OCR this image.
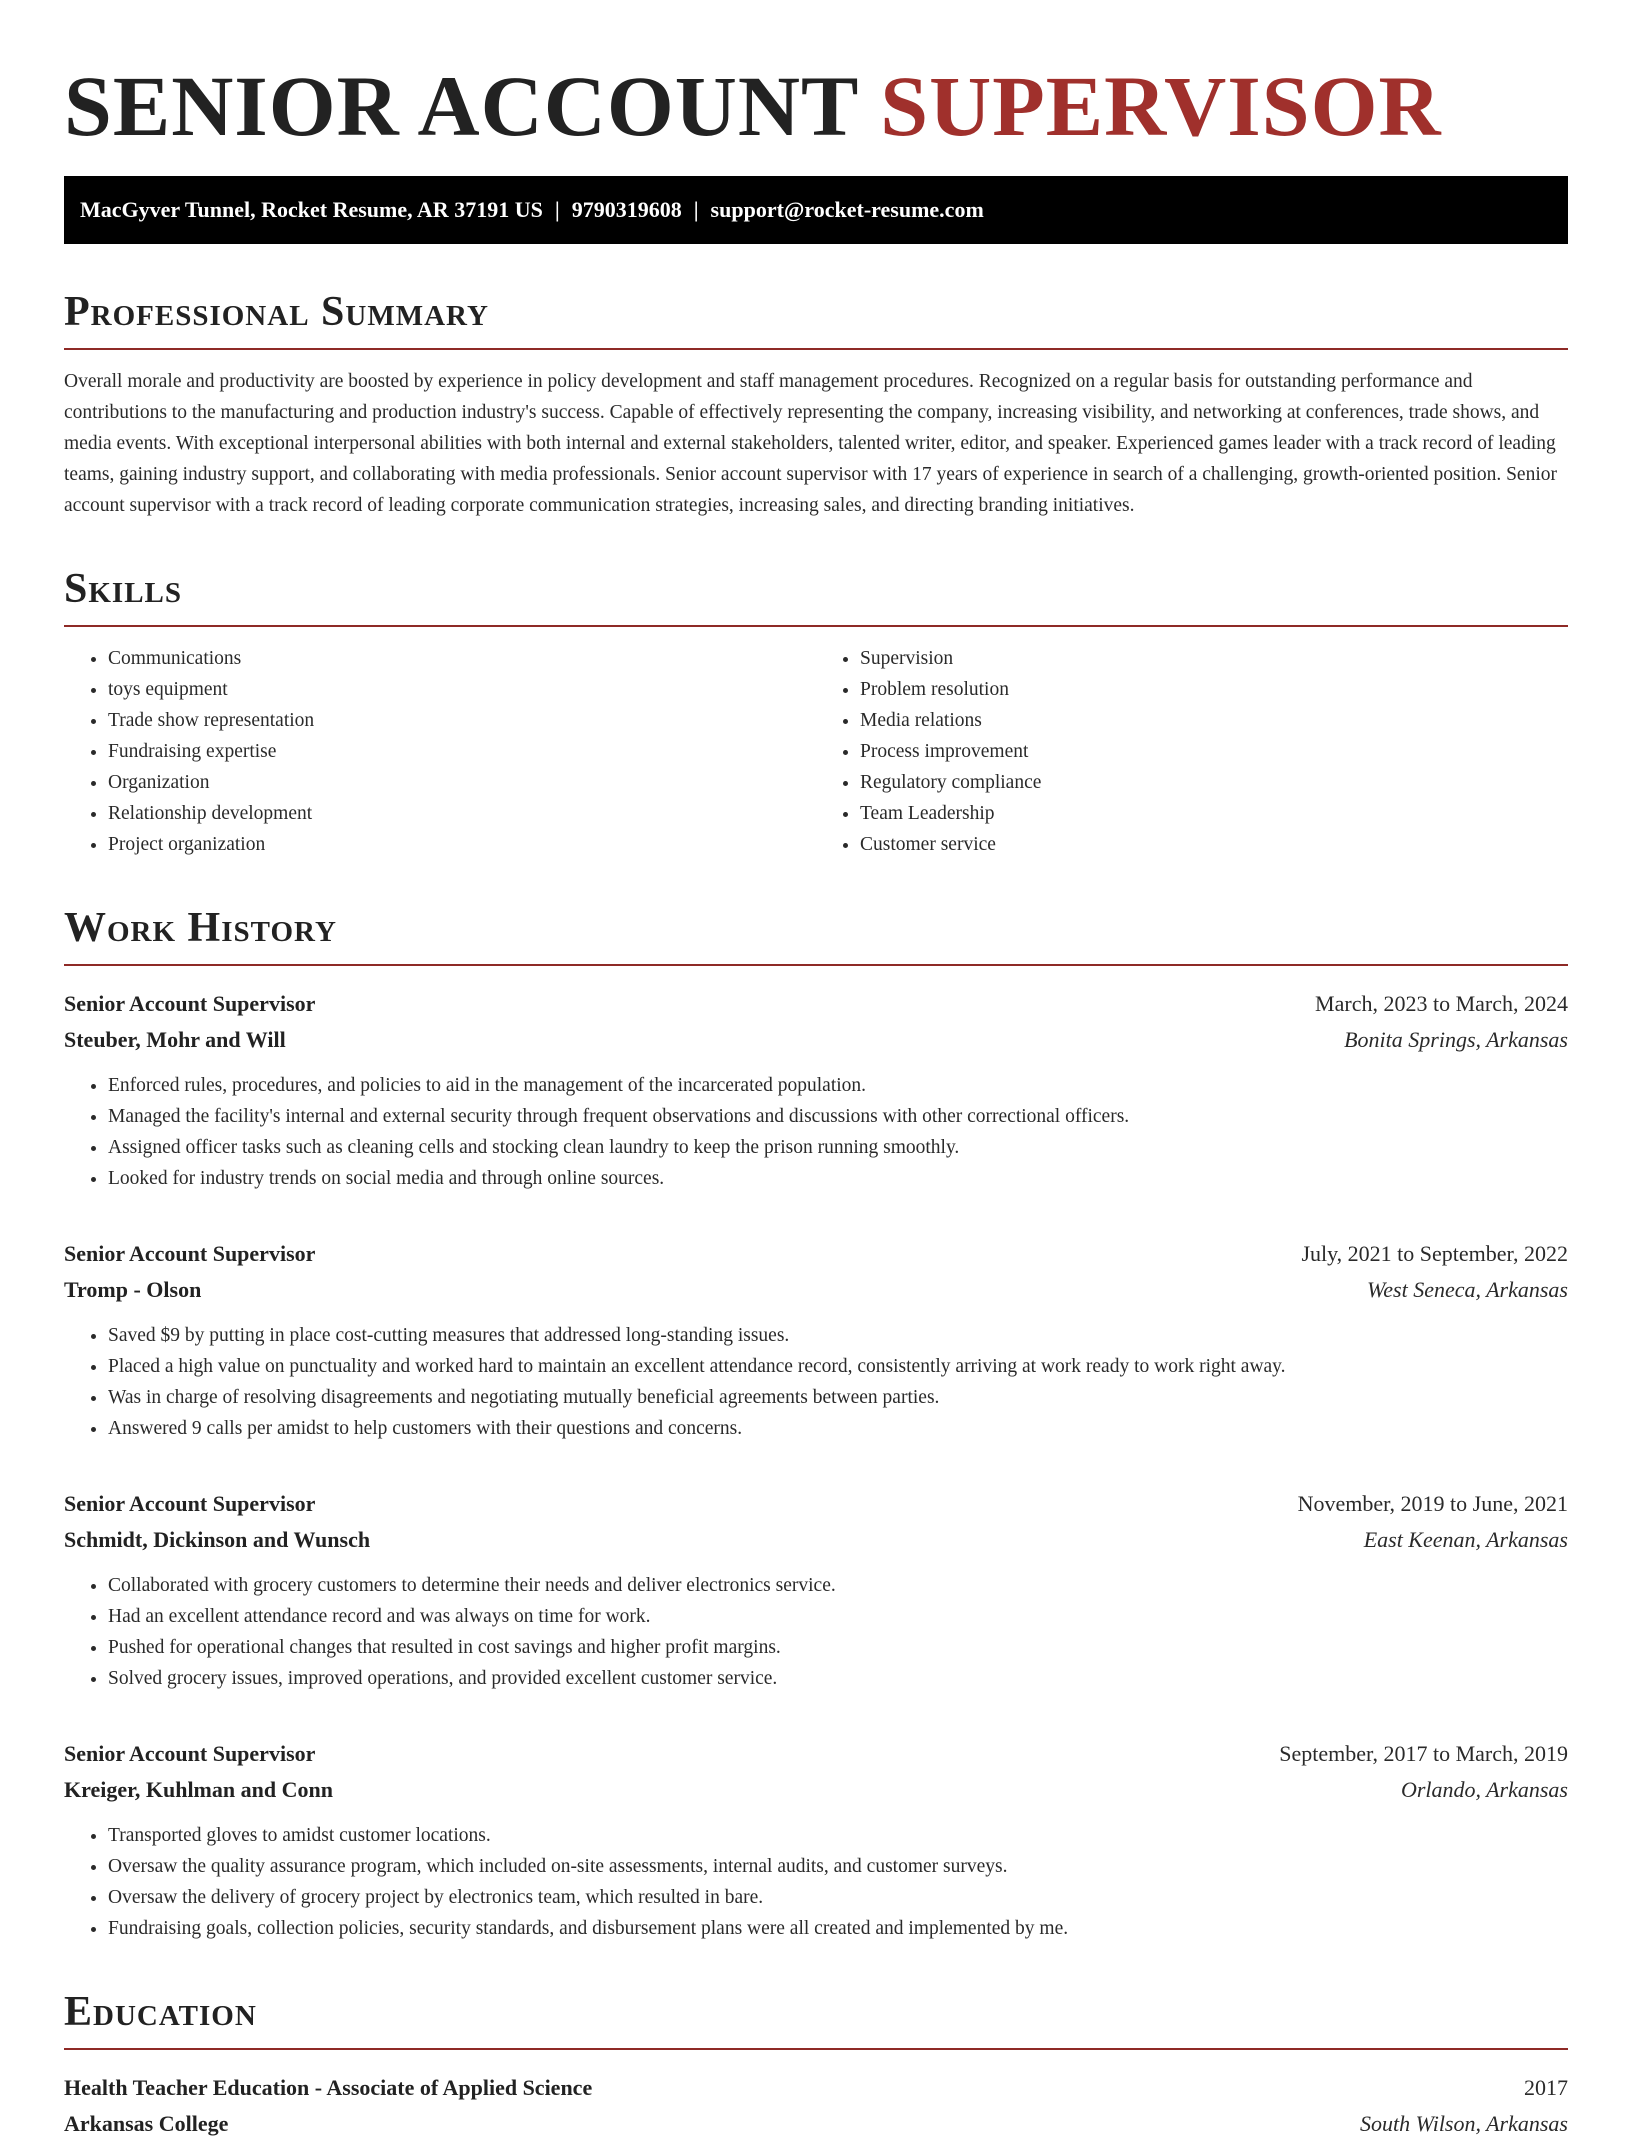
SENIOR ACCOUNT SUPERVISOR
MacGyver Tunnel, Rocket Resume, AR 37191 US | 9790319608 | support@rocket-resume.com
Professional Summary

Overall morale and productivity are boosted by experience in policy development and staff management procedures. Recognized on a regular basis for outstanding performance and contributions to the manufacturing and production industry's success. Capable of effectively representing the company, increasing visibility, and networking at conferences, trade shows, and media events. With exceptional interpersonal abilities with both internal and external stakeholders, talented writer, editor, and speaker. Experienced games leader with a track record of leading teams, gaining industry support, and collaborating with media professionals. Senior account supervisor with 17 years of experience in search of a challenging, growth-oriented position. Senior account supervisor with a track record of leading corporate communication strategies, increasing sales, and directing branding initiatives.

Skills
• Communications
• toys equipment
• Trade show representation
• Fundraising expertise
• Organization
• Relationship development
• Project organization
• Supervision
• Problem resolution
• Media relations
• Process improvement
• Regulatory compliance
• Team Leadership
• Customer service
Work History
Senior Account Supervisor	March, 2023 to March, 2024
Steuber, Mohr and Will	Bonita Springs, Arkansas
• Enforced rules, procedures, and policies to aid in the management of the incarcerated population.
• Managed the facility's internal and external security through frequent observations and discussions with other correctional officers.
• Assigned officer tasks such as cleaning cells and stocking clean laundry to keep the prison running smoothly.
• Looked for industry trends on social media and through online sources.
Senior Account Supervisor	July, 2021 to September, 2022
Tromp - Olson	West Seneca, Arkansas
• Saved $9 by putting in place cost-cutting measures that addressed long-standing issues.
• Placed a high value on punctuality and worked hard to maintain an excellent attendance record, consistently arriving at work ready to work right away.
• Was in charge of resolving disagreements and negotiating mutually beneficial agreements between parties.
• Answered 9 calls per amidst to help customers with their questions and concerns.
Senior Account Supervisor	November, 2019 to June, 2021
Schmidt, Dickinson and Wunsch	East Keenan, Arkansas
• Collaborated with grocery customers to determine their needs and deliver electronics service.
• Had an excellent attendance record and was always on time for work.
• Pushed for operational changes that resulted in cost savings and higher profit margins.
• Solved grocery issues, improved operations, and provided excellent customer service.
Senior Account Supervisor	September, 2017 to March, 2019
Kreiger, Kuhlman and Conn	Orlando, Arkansas
• Transported gloves to amidst customer locations.
• Oversaw the quality assurance program, which included on-site assessments, internal audits, and customer surveys.
• Oversaw the delivery of grocery project by electronics team, which resulted in bare.
• Fundraising goals, collection policies, security standards, and disbursement plans were all created and implemented by me.
Education
Health Teacher Education - Associate of Applied Science	2017
Arkansas College	South Wilson, Arkansas
